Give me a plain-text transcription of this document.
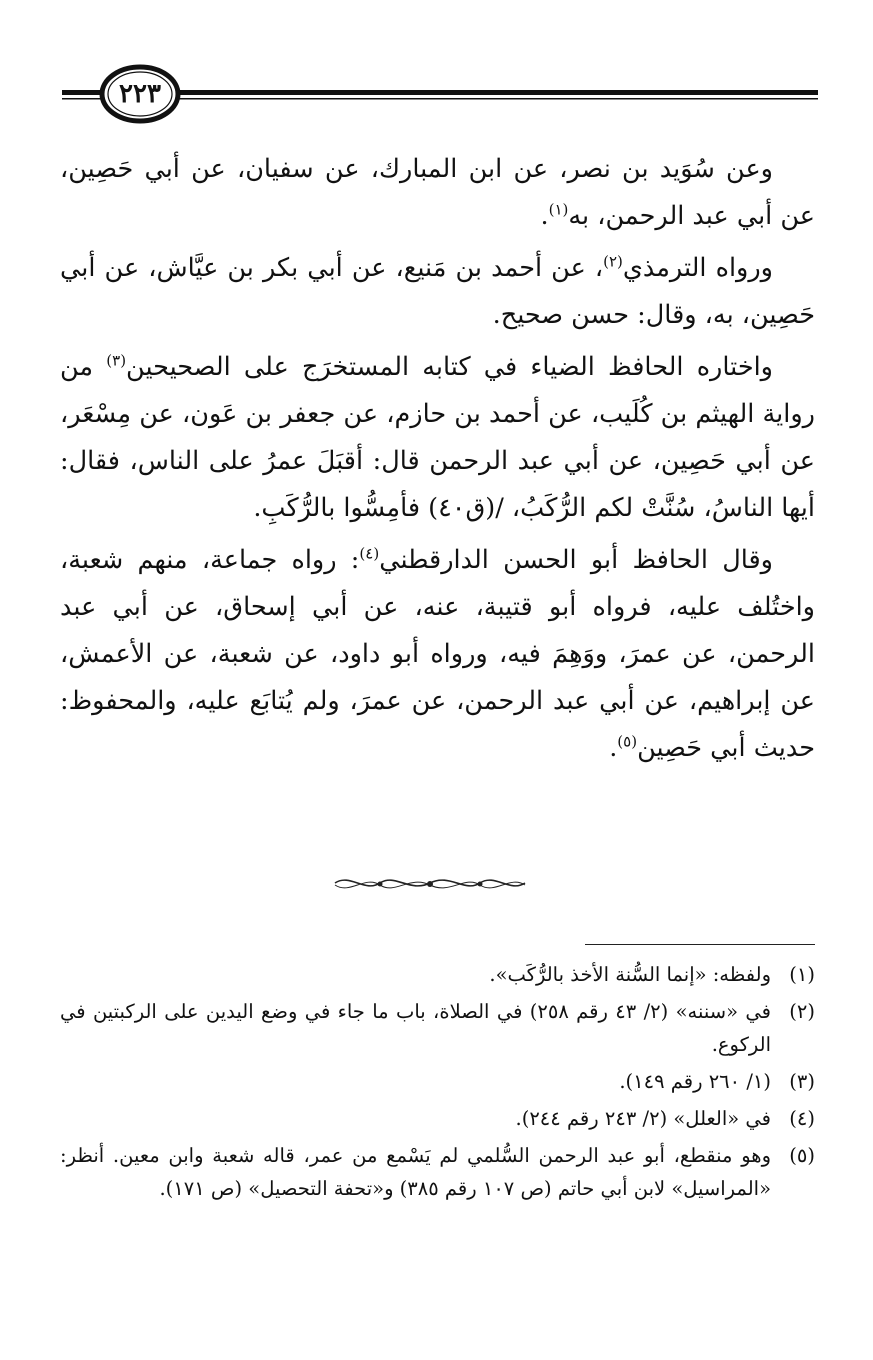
٢٢٣

وعن سُوَيد بن نصر، عن ابن المبارك، عن سفيان، عن أبي حَصِين، عن أبي عبد الرحمن، به$^{(١)}$.

ورواه الترمذي$^{(٢)}$، عن أحمد بن مَنيع، عن أبي بكر بن عيَّاش، عن أبي حَصِين، به، وقال: حسن صحيح.

واختاره الحافظ الضياء في كتابه المستخرَج على الصحيحين$^{(٣)}$ من رواية الهيثم بن كُلَيب، عن أحمد بن حازم، عن جعفر بن عَون، عن مِسْعَر، عن أبي حَصِين، عن أبي عبد الرحمن قال: أقبَلَ عمرُ على الناس، فقال: أيها الناسُ، سُنَّتْ لكم الرُّكَبُ، /(ق٤٠) فأمِسُّوا بالرُّكَبِ.

وقال الحافظ أبو الحسن الدارقطني$^{(٤)}$: رواه جماعة، منهم شعبة، واختُلف عليه، فرواه أبو قتيبة، عنه، عن أبي إسحاق، عن أبي عبد الرحمن، عن عمرَ، ووَهِمَ فيه، ورواه أبو داود، عن شعبة، عن الأعمش، عن إبراهيم، عن أبي عبد الرحمن، عن عمرَ، ولم يُتابَع عليه، والمحفوظ: حديث أبي حَصِين$^{(٥)}$.

(١)
ولفظه: «إنما السُّنة الأخذ بالرُّكَب».
(٢)
في «سننه» (٢/ ٤٣ رقم ٢٥٨) في الصلاة، باب ما جاء في وضع اليدين على الركبتين في الركوع.
(٣)
(١/ ٢٦٠ رقم ١٤٩).
(٤)
في «العلل» (٢/ ٢٤٣ رقم ٢٤٤).
(٥)
وهو منقطع، أبو عبد الرحمن السُّلمي لم يَسْمع من عمر، قاله شعبة وابن معين. أنظر: «المراسيل» لابن أبي حاتم (ص ١٠٧ رقم ٣٨٥) و«تحفة التحصيل» (ص ١٧١).
